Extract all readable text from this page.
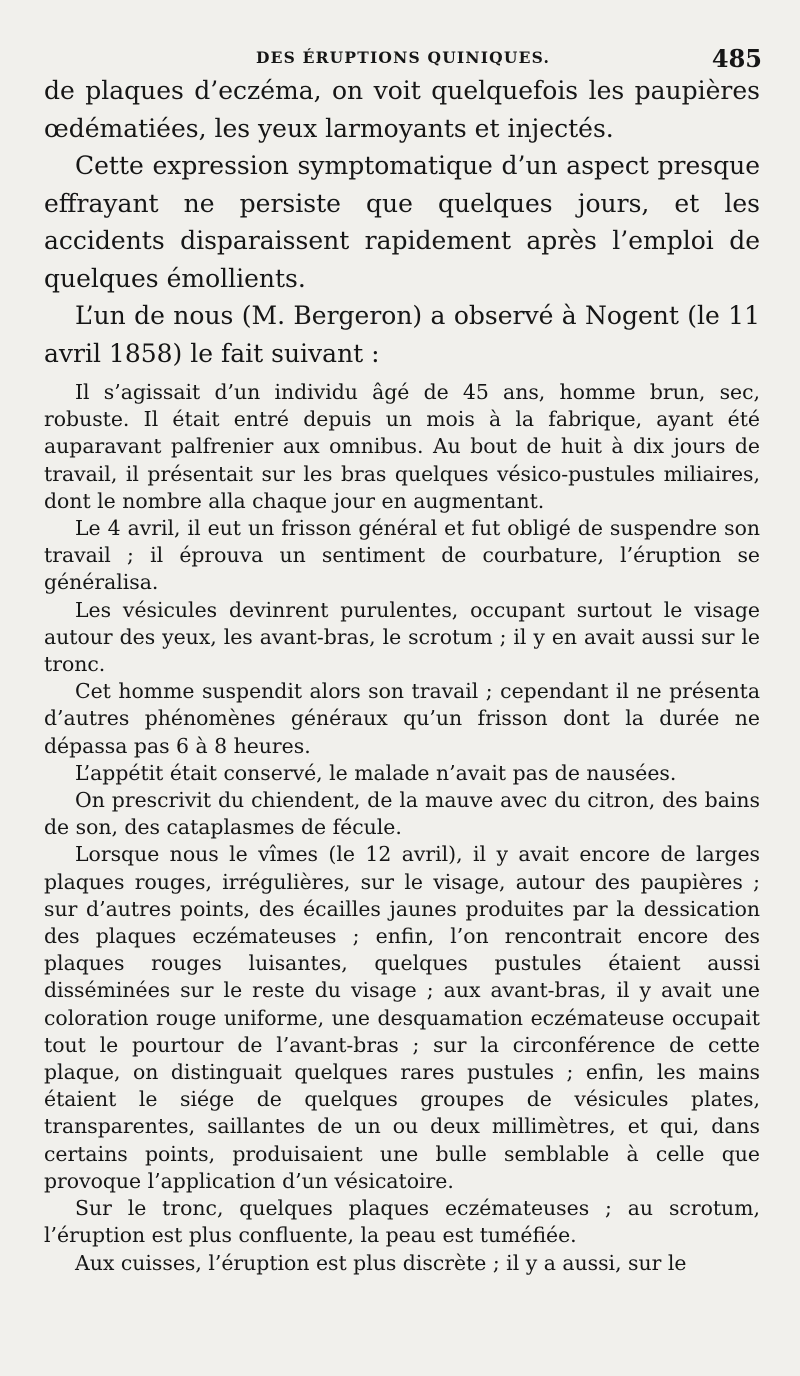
DES ÉRUPTIONS QUINIQUES.	485

de plaques d’eczéma, on voit quelquefois les paupières œdématiées, les yeux larmoyants et injectés.

Cette expression symptomatique d’un aspect presque effrayant ne persiste que quelques jours, et les accidents disparaissent rapidement après l’emploi de quelques émollients.

L’un de nous (M. Bergeron) a observé à Nogent (le 11 avril 1858) le fait suivant :

Il s’agissait d’un individu âgé de 45 ans, homme brun, sec, robuste. Il était entré depuis un mois à la fabrique, ayant été auparavant palfrenier aux omnibus. Au bout de huit à dix jours de travail, il présentait sur les bras quelques vésico-pustules miliaires, dont le nombre alla chaque jour en augmentant.

Le 4 avril, il eut un frisson général et fut obligé de suspendre son travail ; il éprouva un sentiment de courbature, l’éruption se généralisa.

Les vésicules devinrent purulentes, occupant surtout le visage autour des yeux, les avant-bras, le scrotum ; il y en avait aussi sur le tronc.

Cet homme suspendit alors son travail ; cependant il ne présenta d’autres phénomènes généraux qu’un frisson dont la durée ne dépassa pas 6 à 8 heures.

L’appétit était conservé, le malade n’avait pas de nausées.

On prescrivit du chiendent, de la mauve avec du citron, des bains de son, des cataplasmes de fécule.

Lorsque nous le vîmes (le 12 avril), il y avait encore de larges plaques rouges, irrégulières, sur le visage, autour des paupières ; sur d’autres points, des écailles jaunes produites par la dessication des plaques eczémateuses ; enfin, l’on rencontrait encore des plaques rouges luisantes, quelques pustules étaient aussi disséminées sur le reste du visage ; aux avant-bras, il y avait une coloration rouge uniforme, une desquamation eczémateuse occupait tout le pourtour de l’avant-bras ; sur la circonférence de cette plaque, on distinguait quelques rares pustules ; enfin, les mains étaient le siége de quelques groupes de vésicules plates, transparentes, saillantes de un ou deux millimètres, et qui, dans certains points, produisaient une bulle semblable à celle que provoque l’application d’un vésicatoire.

Sur le tronc, quelques plaques eczémateuses ; au scrotum, l’éruption est plus confluente, la peau est tuméfiée.

Aux cuisses, l’éruption est plus discrète ; il y a aussi, sur le
